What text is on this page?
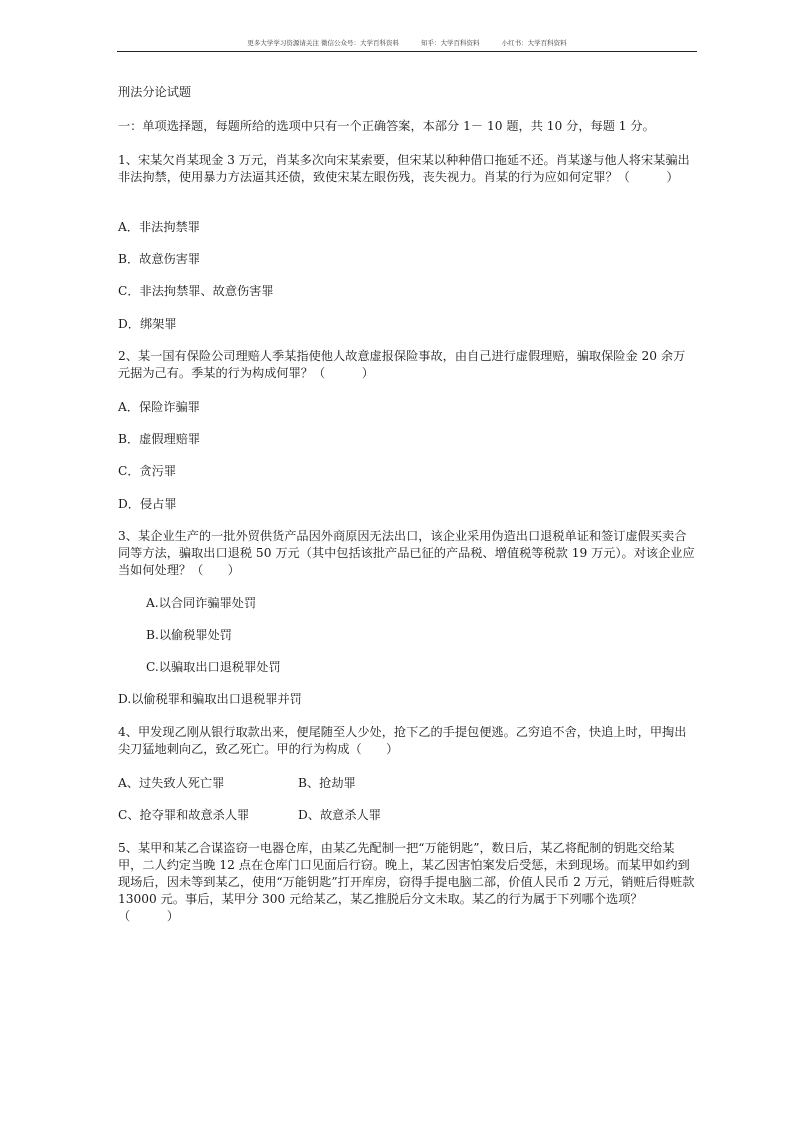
更多大学学习资源请关注 微信公众号：大学百科资料	知乎：大学百科资料	小红书：大学百科资料
刑法分论试题
一：单项选择题，每题所给的选项中只有一个正确答案，本部分 1－ 10 题，共 10 分，每题 1 分。
1、宋某欠肖某现金 3 万元，肖某多次向宋某索要，但宋某以种种借口拖延不还。肖某遂与他人将宋某骗出非法拘禁，使用暴力方法逼其还债，致使宋某左眼伤残，丧失视力。肖某的行为应如何定罪？（　　　）
A．非法拘禁罪
B．故意伤害罪
C．非法拘禁罪、故意伤害罪
D．绑架罪
2、某一国有保险公司理赔人季某指使他人故意虚报保险事故，由自己进行虚假理赔，骗取保险金 20 余万元据为己有。季某的行为构成何罪？（　　　）
A．保险诈骗罪
B．虚假理赔罪
C．贪污罪
D．侵占罪
3、某企业生产的一批外贸供货产品因外商原因无法出口，该企业采用伪造出口退税单证和签订虚假买卖合同等方法，骗取出口退税 50 万元（其中包括该批产品已征的产品税、增值税等税款 19 万元）。对该企业应当如何处理？（　　）
A.以合同诈骗罪处罚
B.以偷税罪处罚
C.以骗取出口退税罪处罚
D.以偷税罪和骗取出口退税罪并罚
4、甲发现乙刚从银行取款出来，便尾随至人少处，抢下乙的手提包便逃。乙穷追不舍，快追上时，甲掏出尖刀猛地刺向乙，致乙死亡。甲的行为构成（　　）
A、过失致人死亡罪	B、抢劫罪
C、抢夺罪和故意杀人罪	D、故意杀人罪
5、某甲和某乙合谋盗窃一电器仓库，由某乙先配制一把“万能钥匙”，数日后，某乙将配制的钥匙交给某甲，二人约定当晚 12 点在仓库门口见面后行窃。晚上，某乙因害怕案发后受惩，未到现场。而某甲如约到现场后，因未等到某乙，使用“万能钥匙”打开库房，窃得手提电脑二部，价值人民币 2 万元，销赃后得赃款 13000 元。事后，某甲分 300 元给某乙，某乙推脱后分文未取。某乙的行为属于下列哪个选项？（　　　）
